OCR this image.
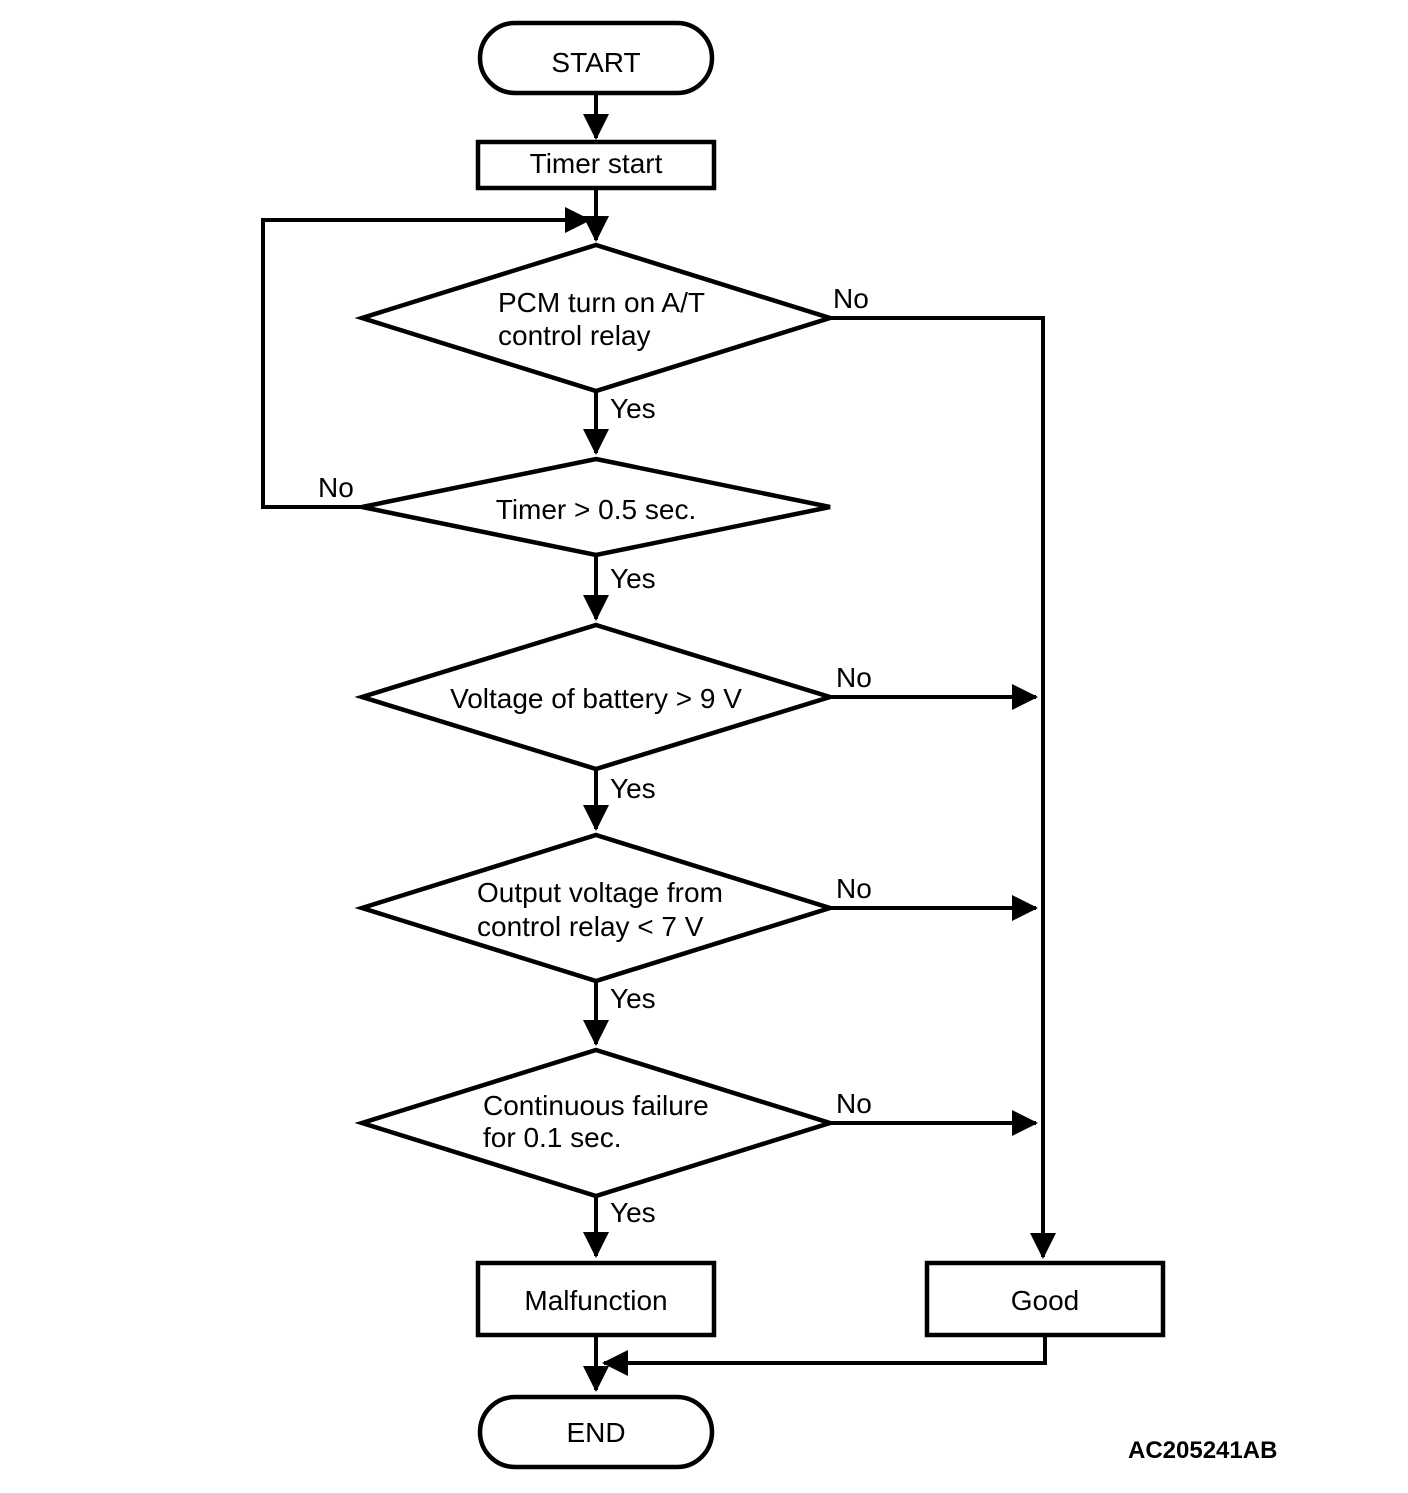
No
Yes
No
Yes
No
Yes
No
Yes
No
Yes
START
Timer start
PCM turn on A/T
control relay
Timer > 0.5 sec.
Voltage of battery > 9 V
Output voltage from
control relay < 7 V
Continuous failure
for 0.1 sec.
Malfunction	Good
END
AC205241AB
